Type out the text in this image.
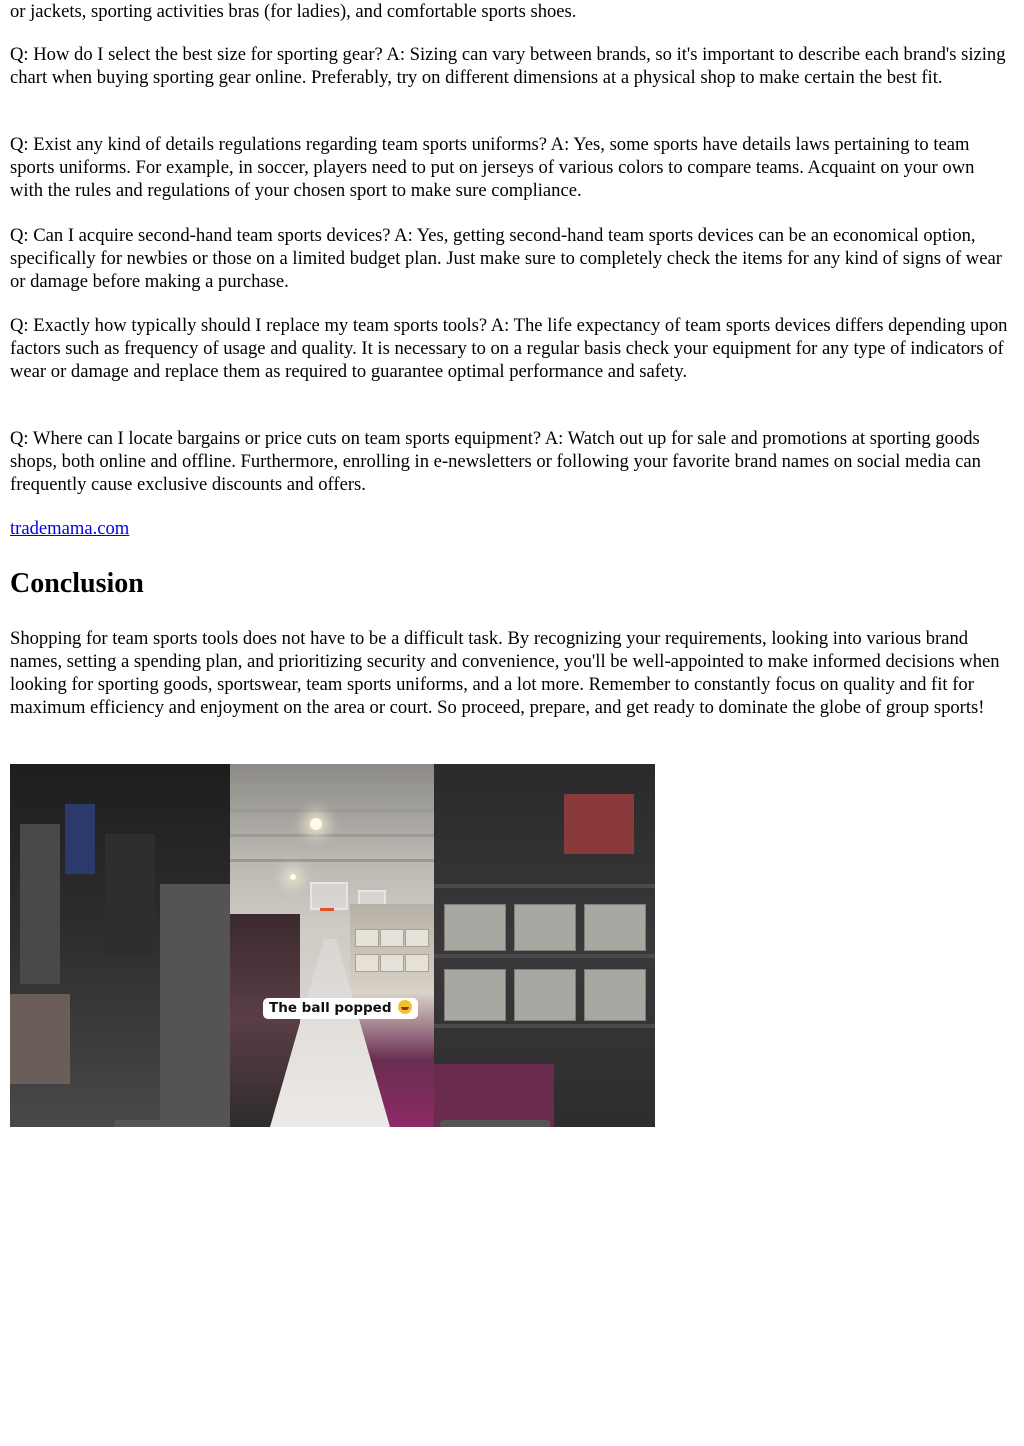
or jackets, sporting activities bras (for ladies), and comfortable sports shoes.

Q: How do I select the best size for sporting gear? A: Sizing can vary between brands, so it's important to describe each brand's sizing chart when buying sporting gear online. Preferably, try on different dimensions at a physical shop to make certain the best fit.

Q: Exist any kind of details regulations regarding team sports uniforms? A: Yes, some sports have details laws pertaining to team sports uniforms. For example, in soccer, players need to put on jerseys of various colors to compare teams. Acquaint on your own with the rules and regulations of your chosen sport to make sure compliance.

Q: Can I acquire second-hand team sports devices? A: Yes, getting second-hand team sports devices can be an economical option, specifically for newbies or those on a limited budget plan. Just make sure to completely check the items for any kind of signs of wear or damage before making a purchase.

Q: Exactly how typically should I replace my team sports tools? A: The life expectancy of team sports devices differs depending upon factors such as frequency of usage and quality. It is necessary to on a regular basis check your equipment for any type of indicators of wear or damage and replace them as required to guarantee optimal performance and safety.

Q: Where can I locate bargains or price cuts on team sports equipment? A: Watch out up for sale and promotions at sporting goods shops, both online and offline. Furthermore, enrolling in e-newsletters or following your favorite brand names on social media can frequently cause exclusive discounts and offers.

trademama.com

Conclusion

Shopping for team sports tools does not have to be a difficult task. By recognizing your requirements, looking into various brand names, setting a spending plan, and prioritizing security and convenience, you'll be well-appointed to make informed decisions when looking for sporting goods, sportswear, team sports uniforms, and a lot more. Remember to constantly focus on quality and fit for maximum efficiency and enjoyment on the area or court. So proceed, prepare, and get ready to dominate the globe of group sports!

The ball popped
